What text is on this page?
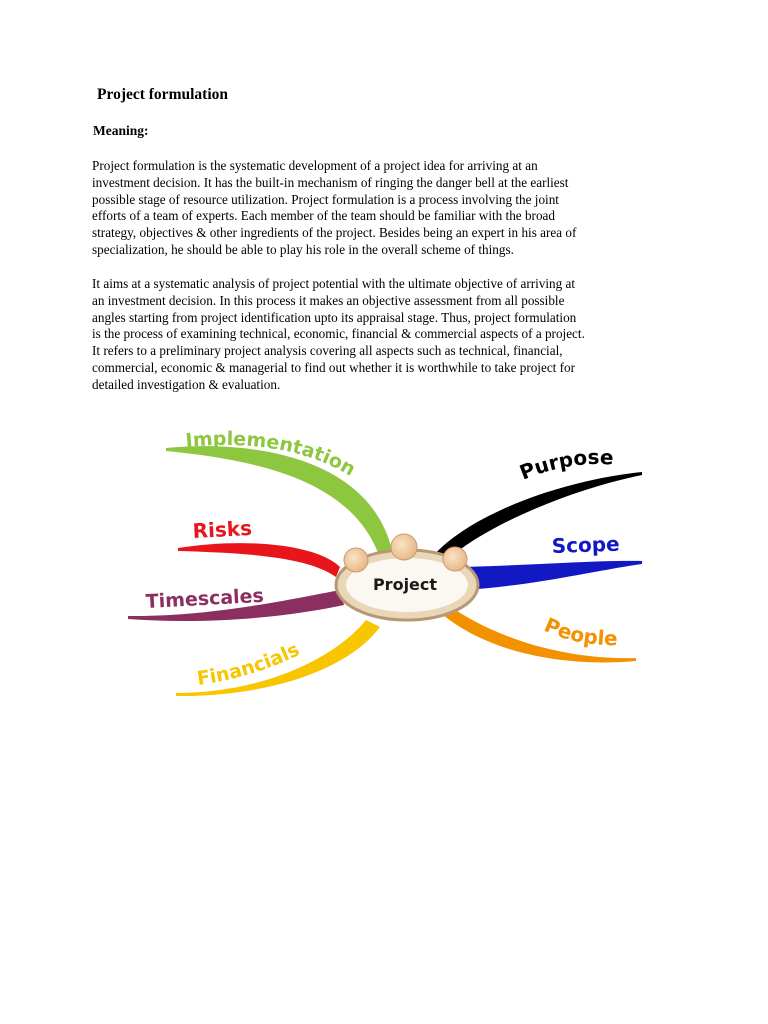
Project formulation
Meaning:

Project formulation is the systematic development of a project idea for arriving at an
investment decision. It has the built-in mechanism of ringing the danger bell at the earliest
possible stage of resource utilization. Project formulation is a process involving the joint
efforts of a team of experts. Each member of the team should be familiar with the broad
strategy, objectives & other ingredients of the project. Besides being an expert in his area of
specialization, he should be able to play his role in the overall scheme of things.

It aims at a systematic analysis of project potential with the ultimate objective of arriving at
an investment decision. In this process it makes an objective assessment from all possible
angles starting from project identification upto its appraisal stage. Thus, project formulation
is the process of examining technical, economic, financial & commercial aspects of a project.
It refers to a preliminary project analysis covering all aspects such as technical, financial,
commercial, economic & managerial to find out whether it is worthwhile to take project for
detailed investigation & evaluation.

Project
Implementation
Risks
Timescales
Financials
Purpose
Scope
People
